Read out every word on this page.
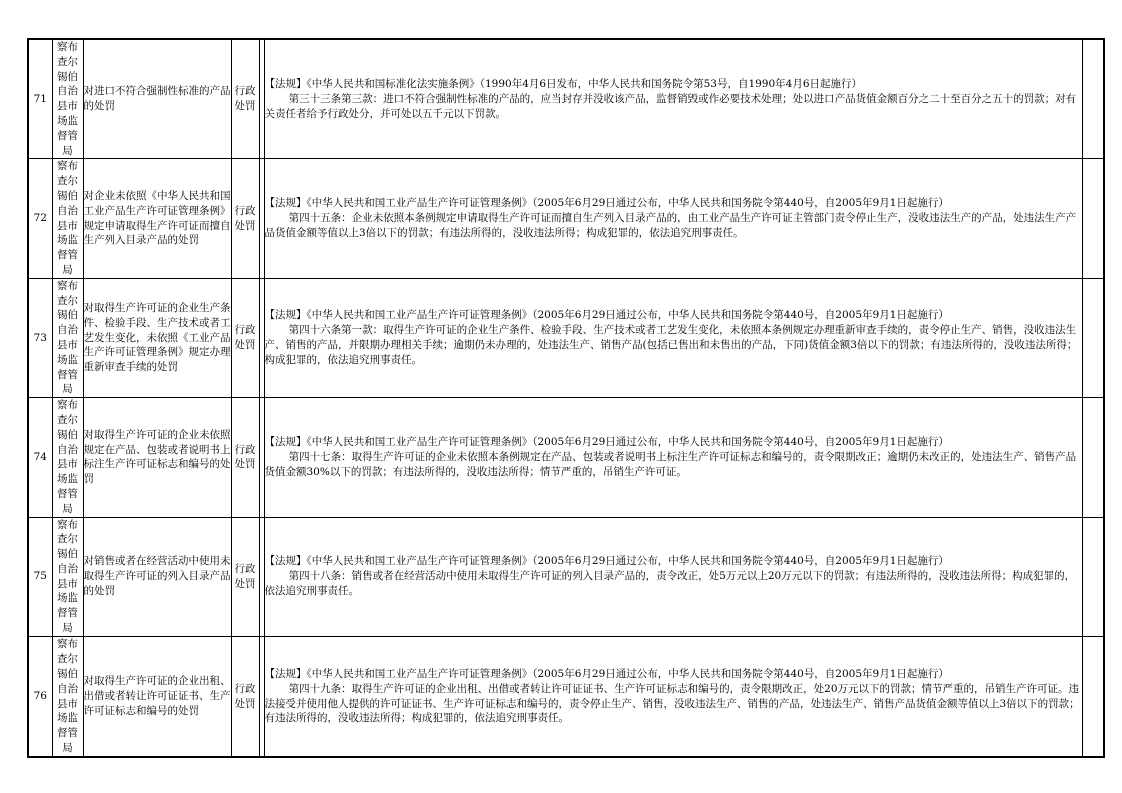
71	察布查尔锡伯自治县市场监督管局	对进口不符合强制性标准的产品的处罚	行政处罚		【法规】《中华人民共和国标准化法实施条例》（1990年4月6日发布，中华人民共和国务院令第53号，自1990年4月6日起施行）
第三十三条第三款：进口不符合强制性标准的产品的，应当封存并没收该产品，监督销毁或作必要技术处理；处以进口产品货值金额百分之二十至百分之五十的罚款；对有关责任者给予行政处分，并可处以五千元以下罚款。	

72	察布查尔锡伯自治县市场监督管局	对企业未依照《中华人民共和国工业产品生产许可证管理条例》规定申请取得生产许可证而擅自生产列入目录产品的处罚	行政处罚		【法规】《中华人民共和国工业产品生产许可证管理条例》（2005年6月29日通过公布，中华人民共和国务院令第440号，自2005年9月1日起施行）
第四十五条：企业未依照本条例规定申请取得生产许可证而擅自生产列入目录产品的，由工业产品生产许可证主管部门责令停止生产，没收违法生产的产品，处违法生产产品货值金额等值以上3倍以下的罚款；有违法所得的，没收违法所得；构成犯罪的，依法追究刑事责任。	

73	察布查尔锡伯自治县市场监督管局	对取得生产许可证的企业生产条件、检验手段、生产技术或者工艺发生变化，未依照《工业产品生产许可证管理条例》规定办理重新审查手续的处罚	行政处罚		【法规】《中华人民共和国工业产品生产许可证管理条例》（2005年6月29日通过公布，中华人民共和国务院令第440号，自2005年9月1日起施行）
第四十六条第一款：取得生产许可证的企业生产条件、检验手段、生产技术或者工艺发生变化，未依照本条例规定办理重新审查手续的，责令停止生产、销售，没收违法生产、销售的产品，并限期办理相关手续；逾期仍未办理的，处违法生产、销售产品(包括已售出和未售出的产品，下同)货值金额3倍以下的罚款；有违法所得的，没收违法所得；构成犯罪的，依法追究刑事责任。	

74	察布查尔锡伯自治县市场监督管局	对取得生产许可证的企业未依照规定在产品、包装或者说明书上标注生产许可证标志和编号的处罚	行政处罚		【法规】《中华人民共和国工业产品生产许可证管理条例》（2005年6月29日通过公布，中华人民共和国务院令第440号，自2005年9月1日起施行）
第四十七条：取得生产许可证的企业未依照本条例规定在产品、包装或者说明书上标注生产许可证标志和编号的，责令限期改正；逾期仍未改正的，处违法生产、销售产品货值金额30%以下的罚款；有违法所得的，没收违法所得；情节严重的，吊销生产许可证。	

75	察布查尔锡伯自治县市场监督管局	对销售或者在经营活动中使用未取得生产许可证的列入目录产品的处罚	行政处罚		【法规】《中华人民共和国工业产品生产许可证管理条例》（2005年6月29日通过公布，中华人民共和国务院令第440号，自2005年9月1日起施行）
第四十八条：销售或者在经营活动中使用未取得生产许可证的列入目录产品的，责令改正，处5万元以上20万元以下的罚款；有违法所得的，没收违法所得；构成犯罪的，依法追究刑事责任。	

76	察布查尔锡伯自治县市场监督管局	对取得生产许可证的企业出租、出借或者转让许可证证书、生产许可证标志和编号的处罚	行政处罚		【法规】《中华人民共和国工业产品生产许可证管理条例》（2005年6月29日通过公布，中华人民共和国务院令第440号，自2005年9月1日起施行）
第四十九条：取得生产许可证的企业出租、出借或者转让许可证证书、生产许可证标志和编号的，责令限期改正，处20万元以下的罚款；情节严重的，吊销生产许可证。违法接受并使用他人提供的许可证证书、生产许可证标志和编号的，责令停止生产、销售，没收违法生产、销售的产品，处违法生产、销售产品货值金额等值以上3倍以下的罚款；有违法所得的，没收违法所得；构成犯罪的，依法追究刑事责任。	
